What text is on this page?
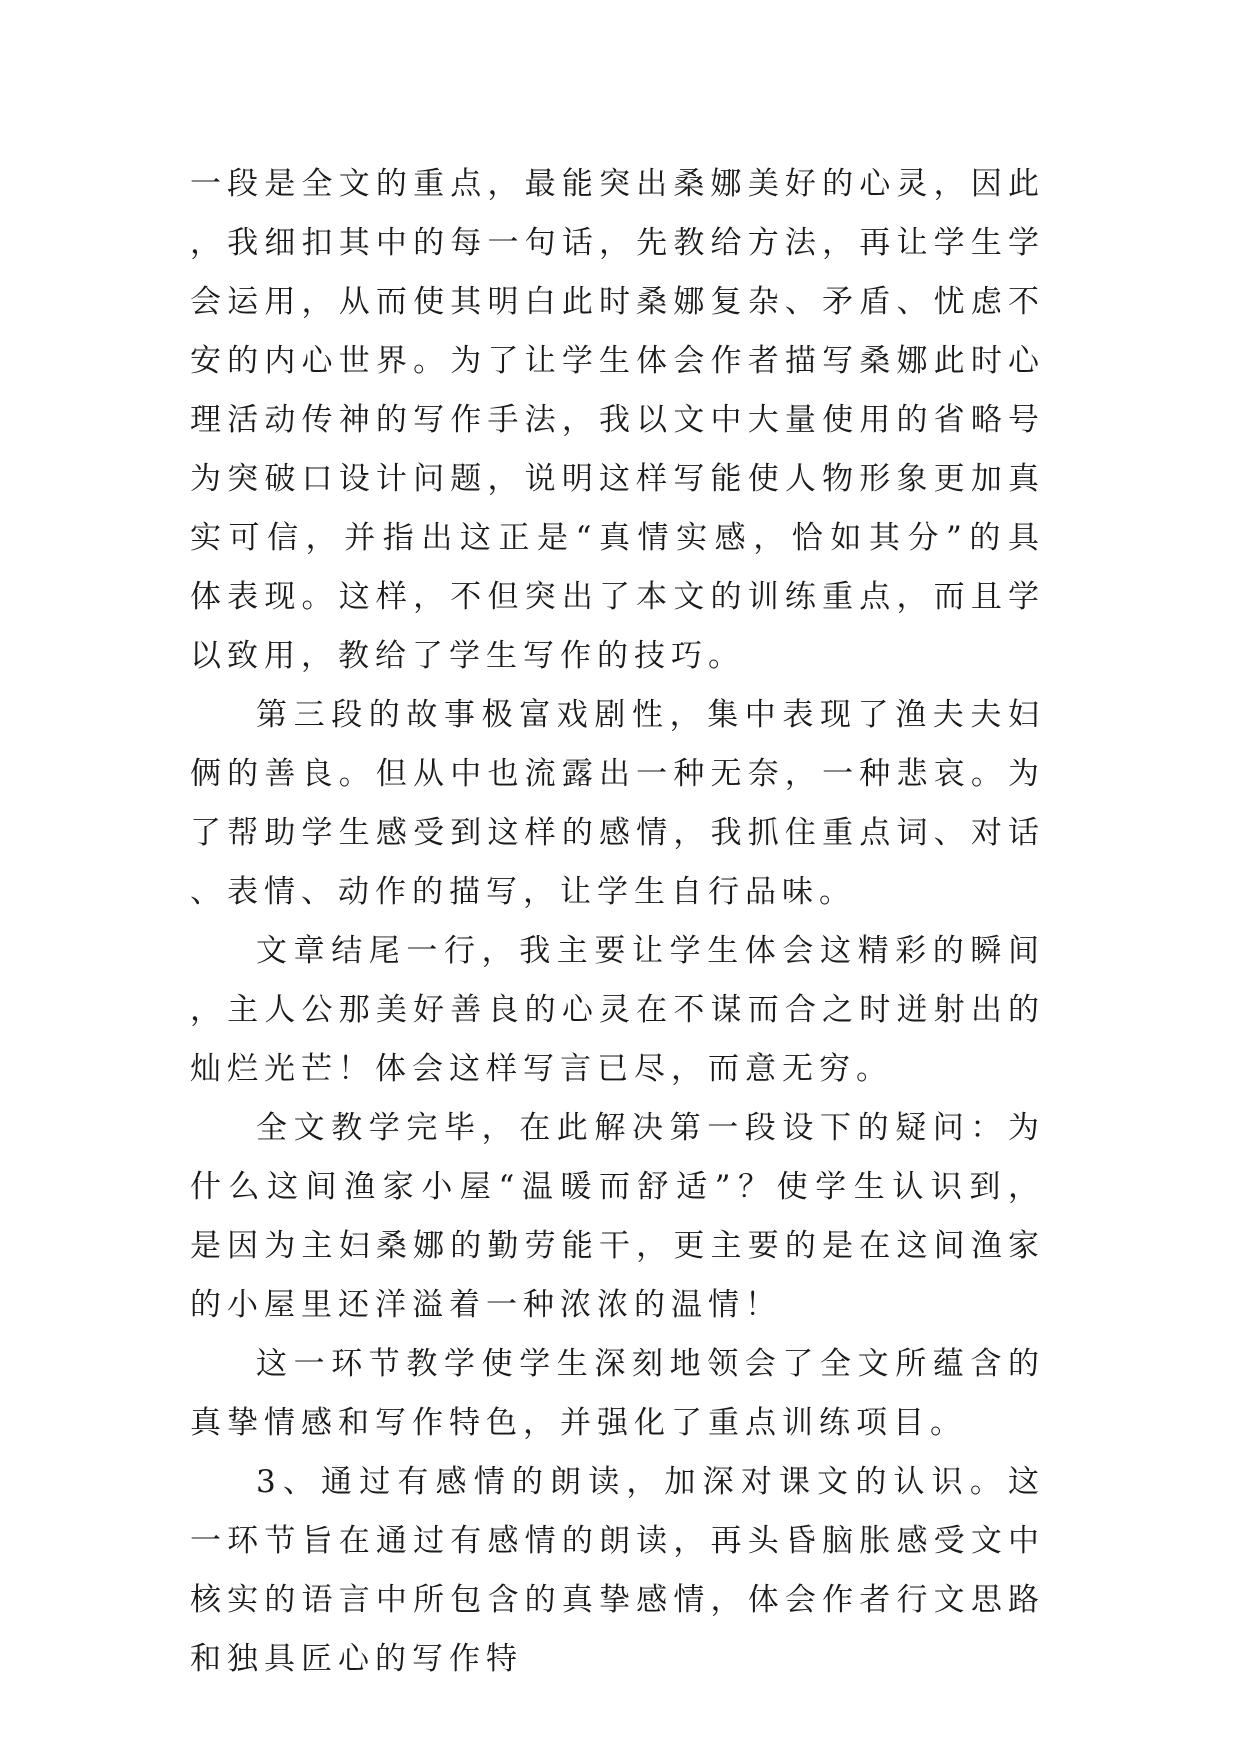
一段是全文的重点，最能突出桑娜美好的心灵，因此，我细扣其中的每一句话，先教给方法，再让学生学会运用，从而使其明白此时桑娜复杂、矛盾、忧虑不安的内心世界。为了让学生体会作者描写桑娜此时心理活动传神的写作手法，我以文中大量使用的省略号为突破口设计问题，说明这样写能使人物形象更加真实可信，并指出这正是“真情实感，恰如其分”的具体表现。这样，不但突出了本文的训练重点，而且学以致用，教给了学生写作的技巧。

第三段的故事极富戏剧性，集中表现了渔夫夫妇俩的善良。但从中也流露出一种无奈，一种悲哀。为了帮助学生感受到这样的感情，我抓住重点词、对话、表情、动作的描写，让学生自行品味。

文章结尾一行，我主要让学生体会这精彩的瞬间，主人公那美好善良的心灵在不谋而合之时迸射出的灿烂光芒！体会这样写言已尽，而意无穷。

全文教学完毕，在此解决第一段设下的疑问：为什么这间渔家小屋“温暖而舒适”？使学生认识到，是因为主妇桑娜的勤劳能干，更主要的是在这间渔家的小屋里还洋溢着一种浓浓的温情！

这一环节教学使学生深刻地领会了全文所蕴含的真挚情感和写作特色，并强化了重点训练项目。

3、通过有感情的朗读，加深对课文的认识。这一环节旨在通过有感情的朗读，再头昏脑胀感受文中核实的语言中所包含的真挚感情，体会作者行文思路和独具匠心的写作特
